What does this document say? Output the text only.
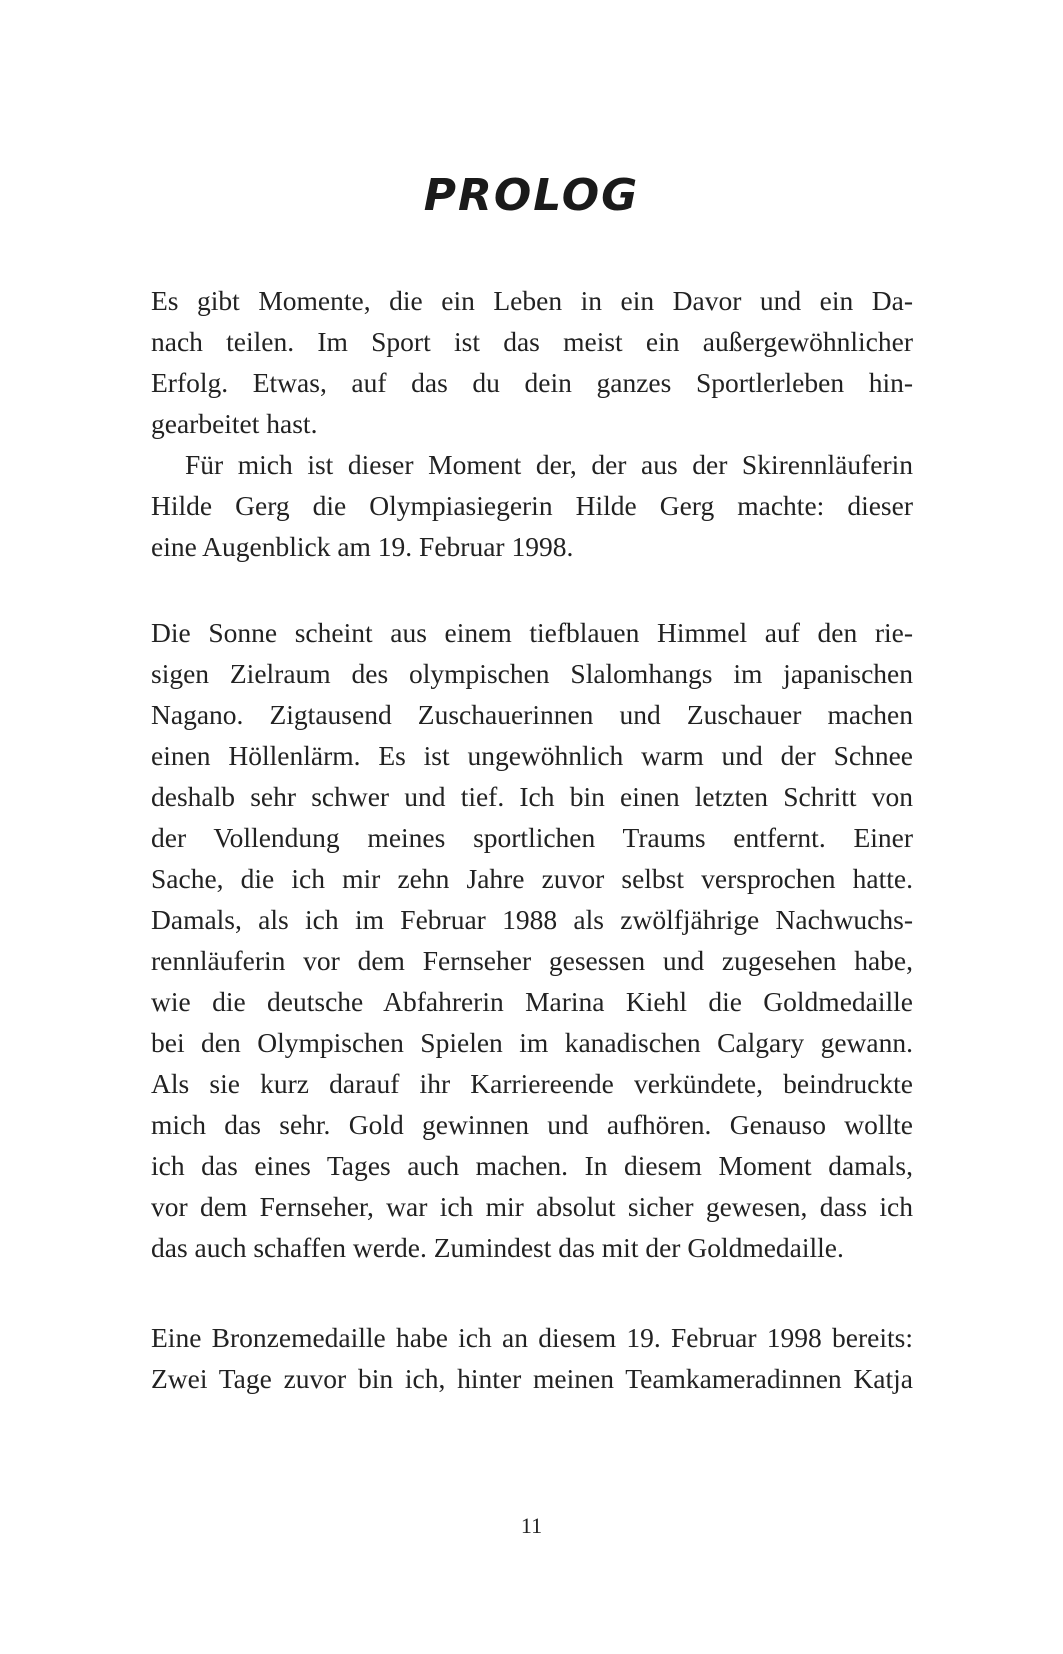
PROLOG
Es gibt Momente, die ein Leben in ein Davor und ein Da-
nach teilen. Im Sport ist das meist ein außergewöhnlicher
Erfolg. Etwas, auf das du dein ganzes Sportlerleben hin-
gearbeitet hast.
Für mich ist dieser Moment der, der aus der Skirennläuferin
Hilde Gerg die Olympiasiegerin Hilde Gerg machte: dieser
eine Augenblick am 19. Februar 1998.
Die Sonne scheint aus einem tiefblauen Himmel auf den rie-
sigen Zielraum des olympischen Slalomhangs im japanischen
Nagano. Zigtausend Zuschauerinnen und Zuschauer machen
einen Höllenlärm. Es ist ungewöhnlich warm und der Schnee
deshalb sehr schwer und tief. Ich bin einen letzten Schritt von
der Vollendung meines sportlichen Traums entfernt. Einer
Sache, die ich mir zehn Jahre zuvor selbst versprochen hatte.
Damals, als ich im Februar 1988 als zwölfjährige Nachwuchs-
rennläuferin vor dem Fernseher gesessen und zugesehen habe,
wie die deutsche Abfahrerin Marina Kiehl die Goldmedaille
bei den Olympischen Spielen im kanadischen Calgary gewann.
Als sie kurz darauf ihr Karriereende verkündete, beindruckte
mich das sehr. Gold gewinnen und aufhören. Genauso wollte
ich das eines Tages auch machen. In diesem Moment damals,
vor dem Fernseher, war ich mir absolut sicher gewesen, dass ich
das auch schaffen werde. Zumindest das mit der Goldmedaille.
Eine Bronzemedaille habe ich an diesem 19. Februar 1998 bereits:
Zwei Tage zuvor bin ich, hinter meinen Teamkameradinnen Katja
11
